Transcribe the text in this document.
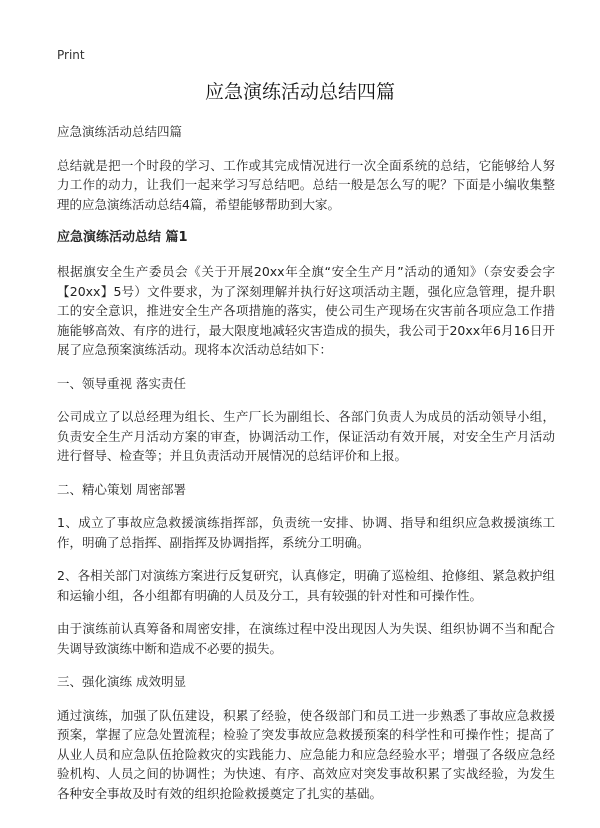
Print
应急演练活动总结四篇

应急演练活动总结四篇

总结就是把一个时段的学习、工作或其完成情况进行一次全面系统的总结，它能够给人努力工作的动力，让我们一起来学习写总结吧。总结一般是怎么写的呢？下面是小编收集整理的应急演练活动总结4篇，希望能够帮助到大家。

应急演练活动总结 篇1

根据旗安全生产委员会《关于开展20xx年全旗“安全生产月”活动的通知》（奈安委会字【20xx】5号）文件要求，为了深刻理解并执行好这项活动主题，强化应急管理，提升职工的安全意识，推进安全生产各项措施的落实，使公司生产现场在灾害前各项应急工作措施能够高效、有序的进行，最大限度地减轻灾害造成的损失，我公司于20xx年6月16日开展了应急预案演练活动。现将本次活动总结如下：

一、领导重视 落实责任

公司成立了以总经理为组长、生产厂长为副组长、各部门负责人为成员的活动领导小组，负责安全生产月活动方案的审查，协调活动工作，保证活动有效开展，对安全生产月活动进行督导、检查等；并且负责活动开展情况的总结评价和上报。

二、精心策划 周密部署

1、成立了事故应急救援演练指挥部，负责统一安排、协调、指导和组织应急救援演练工作，明确了总指挥、副指挥及协调指挥，系统分工明确。

2、各相关部门对演练方案进行反复研究，认真修定，明确了巡检组、抢修组、紧急救护组和运输小组，各小组都有明确的人员及分工，具有较强的针对性和可操作性。

由于演练前认真筹备和周密安排，在演练过程中没出现因人为失误、组织协调不当和配合失调导致演练中断和造成不必要的损失。

三、强化演练 成效明显

通过演练，加强了队伍建设，积累了经验，使各级部门和员工进一步熟悉了事故应急救援预案，掌握了应急处置流程；检验了突发事故应急救援预案的科学性和可操作性；提高了从业人员和应急队伍抢险救灾的实践能力、应急能力和应急经验水平；增强了各级应急经验机构、人员之间的协调性；为快速、有序、高效应对突发事故积累了实战经验，为发生各种安全事故及时有效的组织抢险救援奠定了扎实的基础。
